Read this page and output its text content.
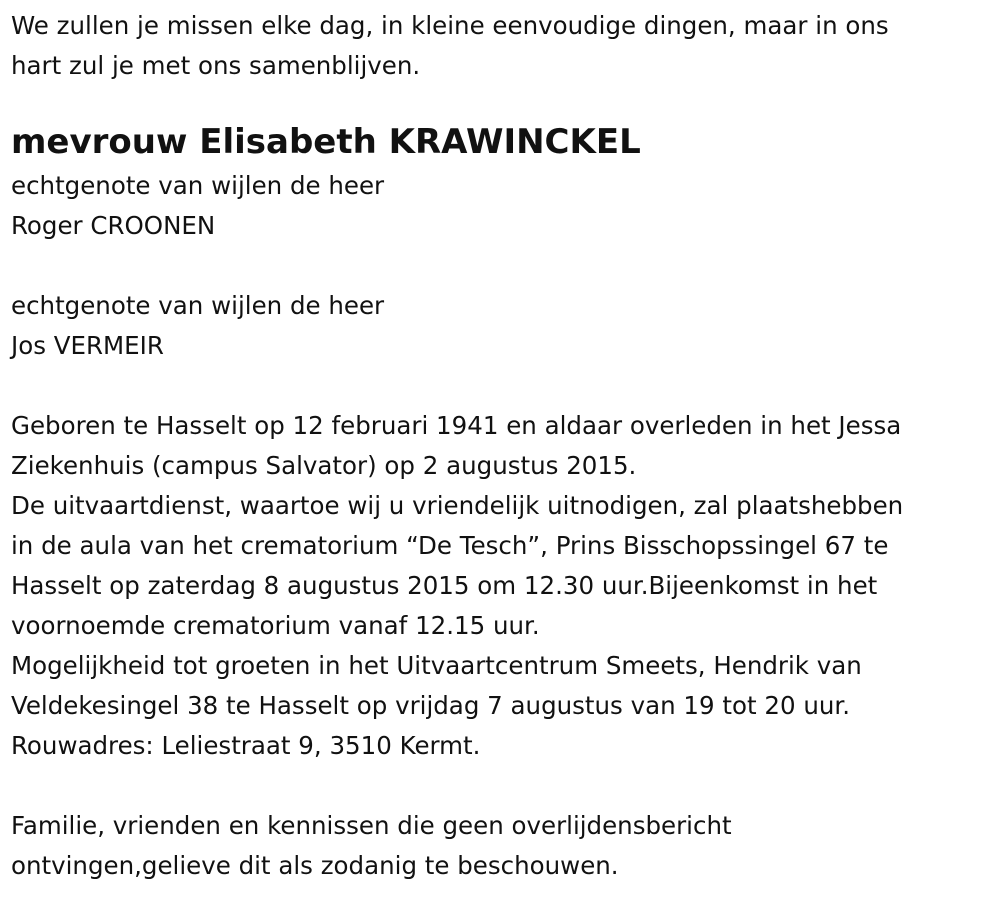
We zullen je missen elke dag, in kleine eenvoudige dingen, maar in ons
hart zul je met ons samenblijven.
mevrouw Elisabeth KRAWINCKEL
echtgenote van wijlen de heer
Roger CROONEN
echtgenote van wijlen de heer
Jos VERMEIR
Geboren te Hasselt op 12 februari 1941 en aldaar overleden in het Jessa
Ziekenhuis (campus Salvator) op 2 augustus 2015.
De uitvaartdienst, waartoe wij u vriendelijk uitnodigen, zal plaatshebben
in de aula van het crematorium “De Tesch”, Prins Bisschopssingel 67 te
Hasselt op zaterdag 8 augustus 2015 om 12.30 uur.Bijeenkomst in het
voornoemde crematorium vanaf 12.15 uur.
Mogelijkheid tot groeten in het Uitvaartcentrum Smeets, Hendrik van
Veldekesingel 38 te Hasselt op vrijdag 7 augustus van 19 tot 20 uur.
Rouwadres: Leliestraat 9, 3510 Kermt.
Familie, vrienden en kennissen die geen overlijdensbericht
ontvingen,gelieve dit als zodanig te beschouwen.
